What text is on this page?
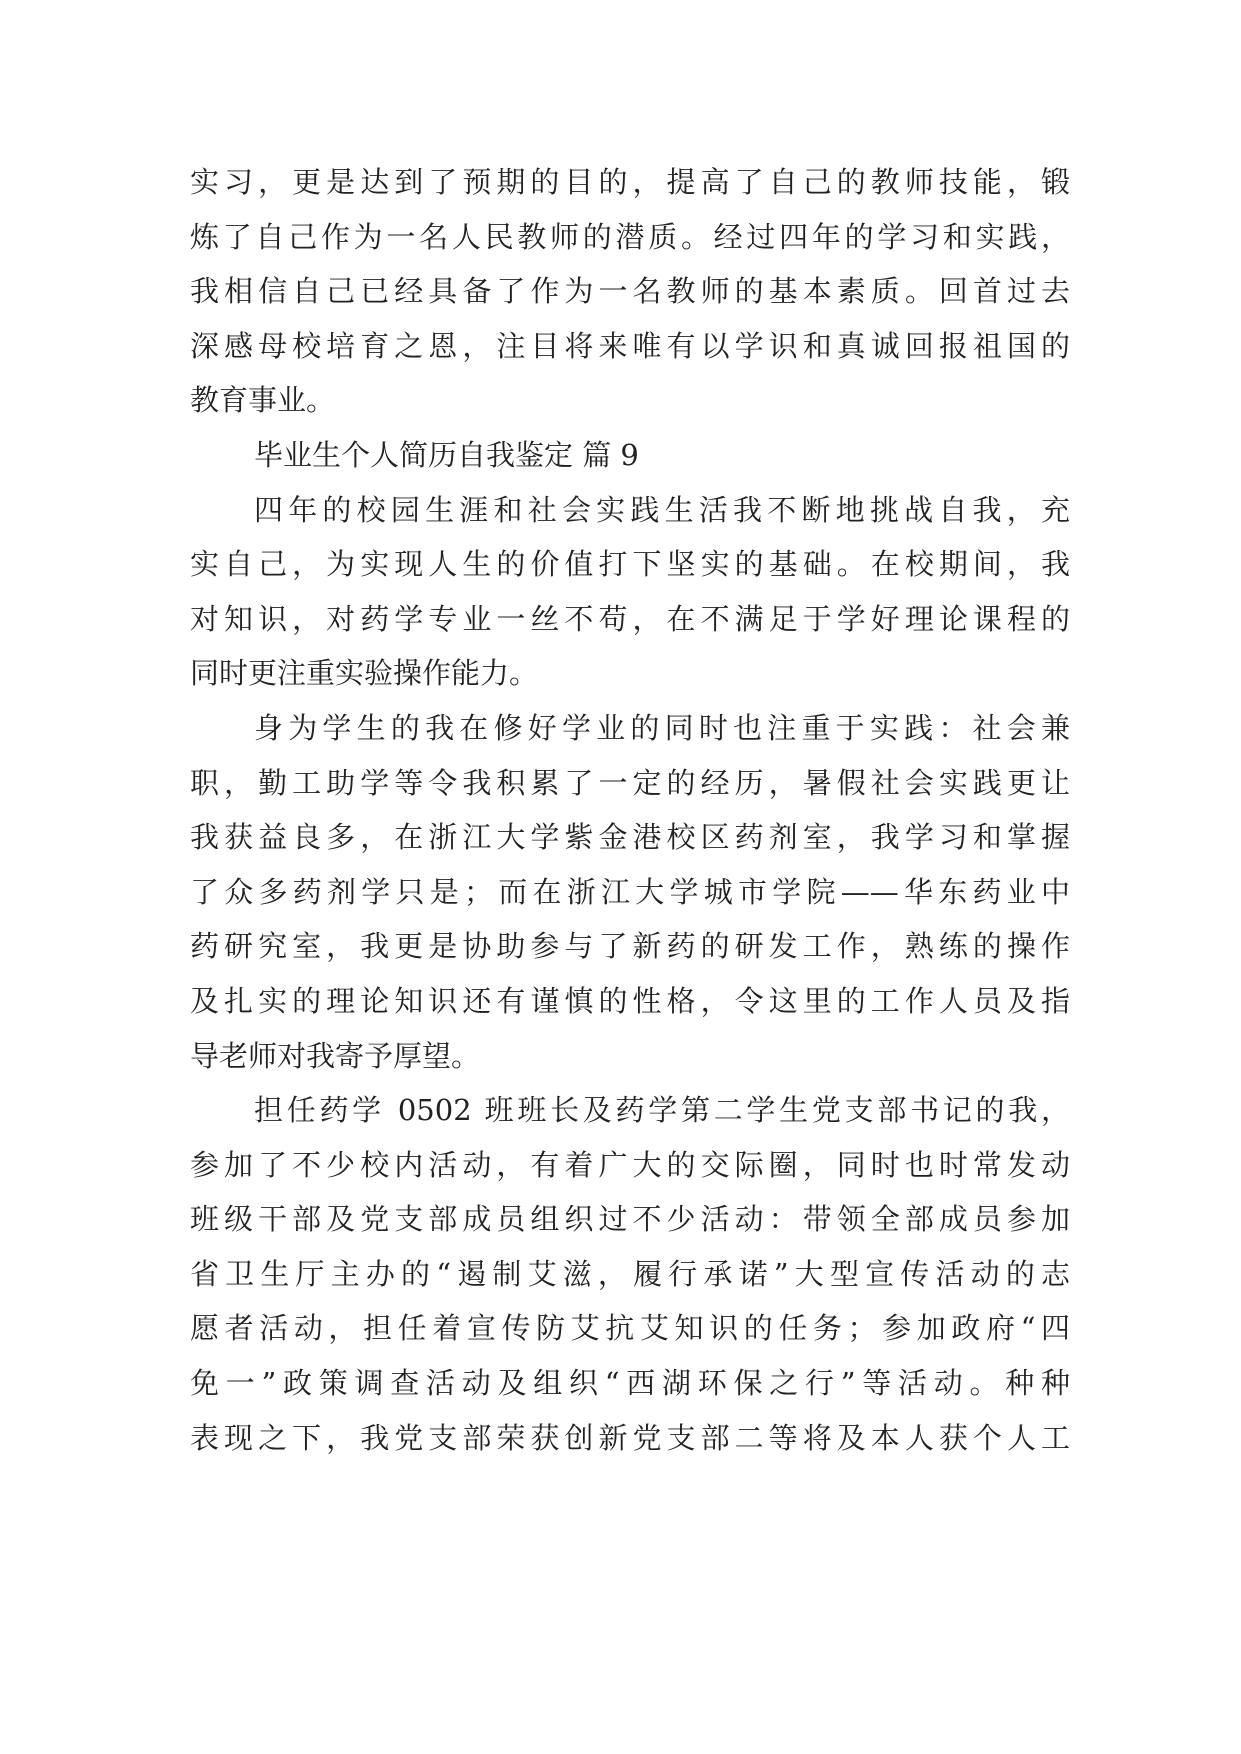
实习，更是达到了预期的目的，提高了自己的教师技能，锻
炼了自己作为一名人民教师的潜质。经过四年的学习和实践，
我相信自己已经具备了作为一名教师的基本素质。回首过去
深感母校培育之恩，注目将来唯有以学识和真诚回报祖国的
教育事业。
毕业生个人简历自我鉴定 篇 9
四年的校园生涯和社会实践生活我不断地挑战自我，充
实自己，为实现人生的价值打下坚实的基础。在校期间，我
对知识，对药学专业一丝不苟，在不满足于学好理论课程的
同时更注重实验操作能力。
身为学生的我在修好学业的同时也注重于实践：社会兼
职，勤工助学等令我积累了一定的经历，暑假社会实践更让
我获益良多，在浙江大学紫金港校区药剂室，我学习和掌握
了众多药剂学只是；而在浙江大学城市学院——华东药业中
药研究室，我更是协助参与了新药的研发工作，熟练的操作
及扎实的理论知识还有谨慎的性格，令这里的工作人员及指
导老师对我寄予厚望。
担任药学 0502 班班长及药学第二学生党支部书记的我，
参加了不少校内活动，有着广大的交际圈，同时也时常发动
班级干部及党支部成员组织过不少活动：带领全部成员参加
省卫生厅主办的“遏制艾滋，履行承诺”大型宣传活动的志
愿者活动，担任着宣传防艾抗艾知识的任务；参加政府“四
免一”政策调查活动及组织“西湖环保之行”等活动。种种
表现之下，我党支部荣获创新党支部二等将及本人获个人工
